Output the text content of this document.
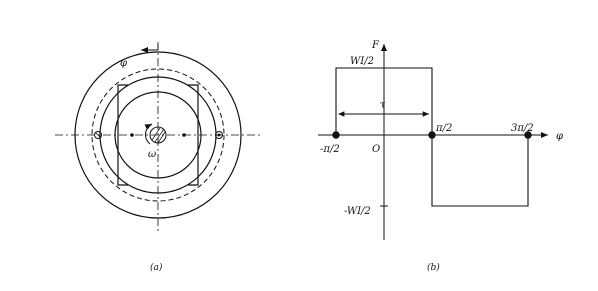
φ
ω
(a)
F
φ
O
WI/2
-WI/2
τ
-π/2
π/2	3π/2
(b)
